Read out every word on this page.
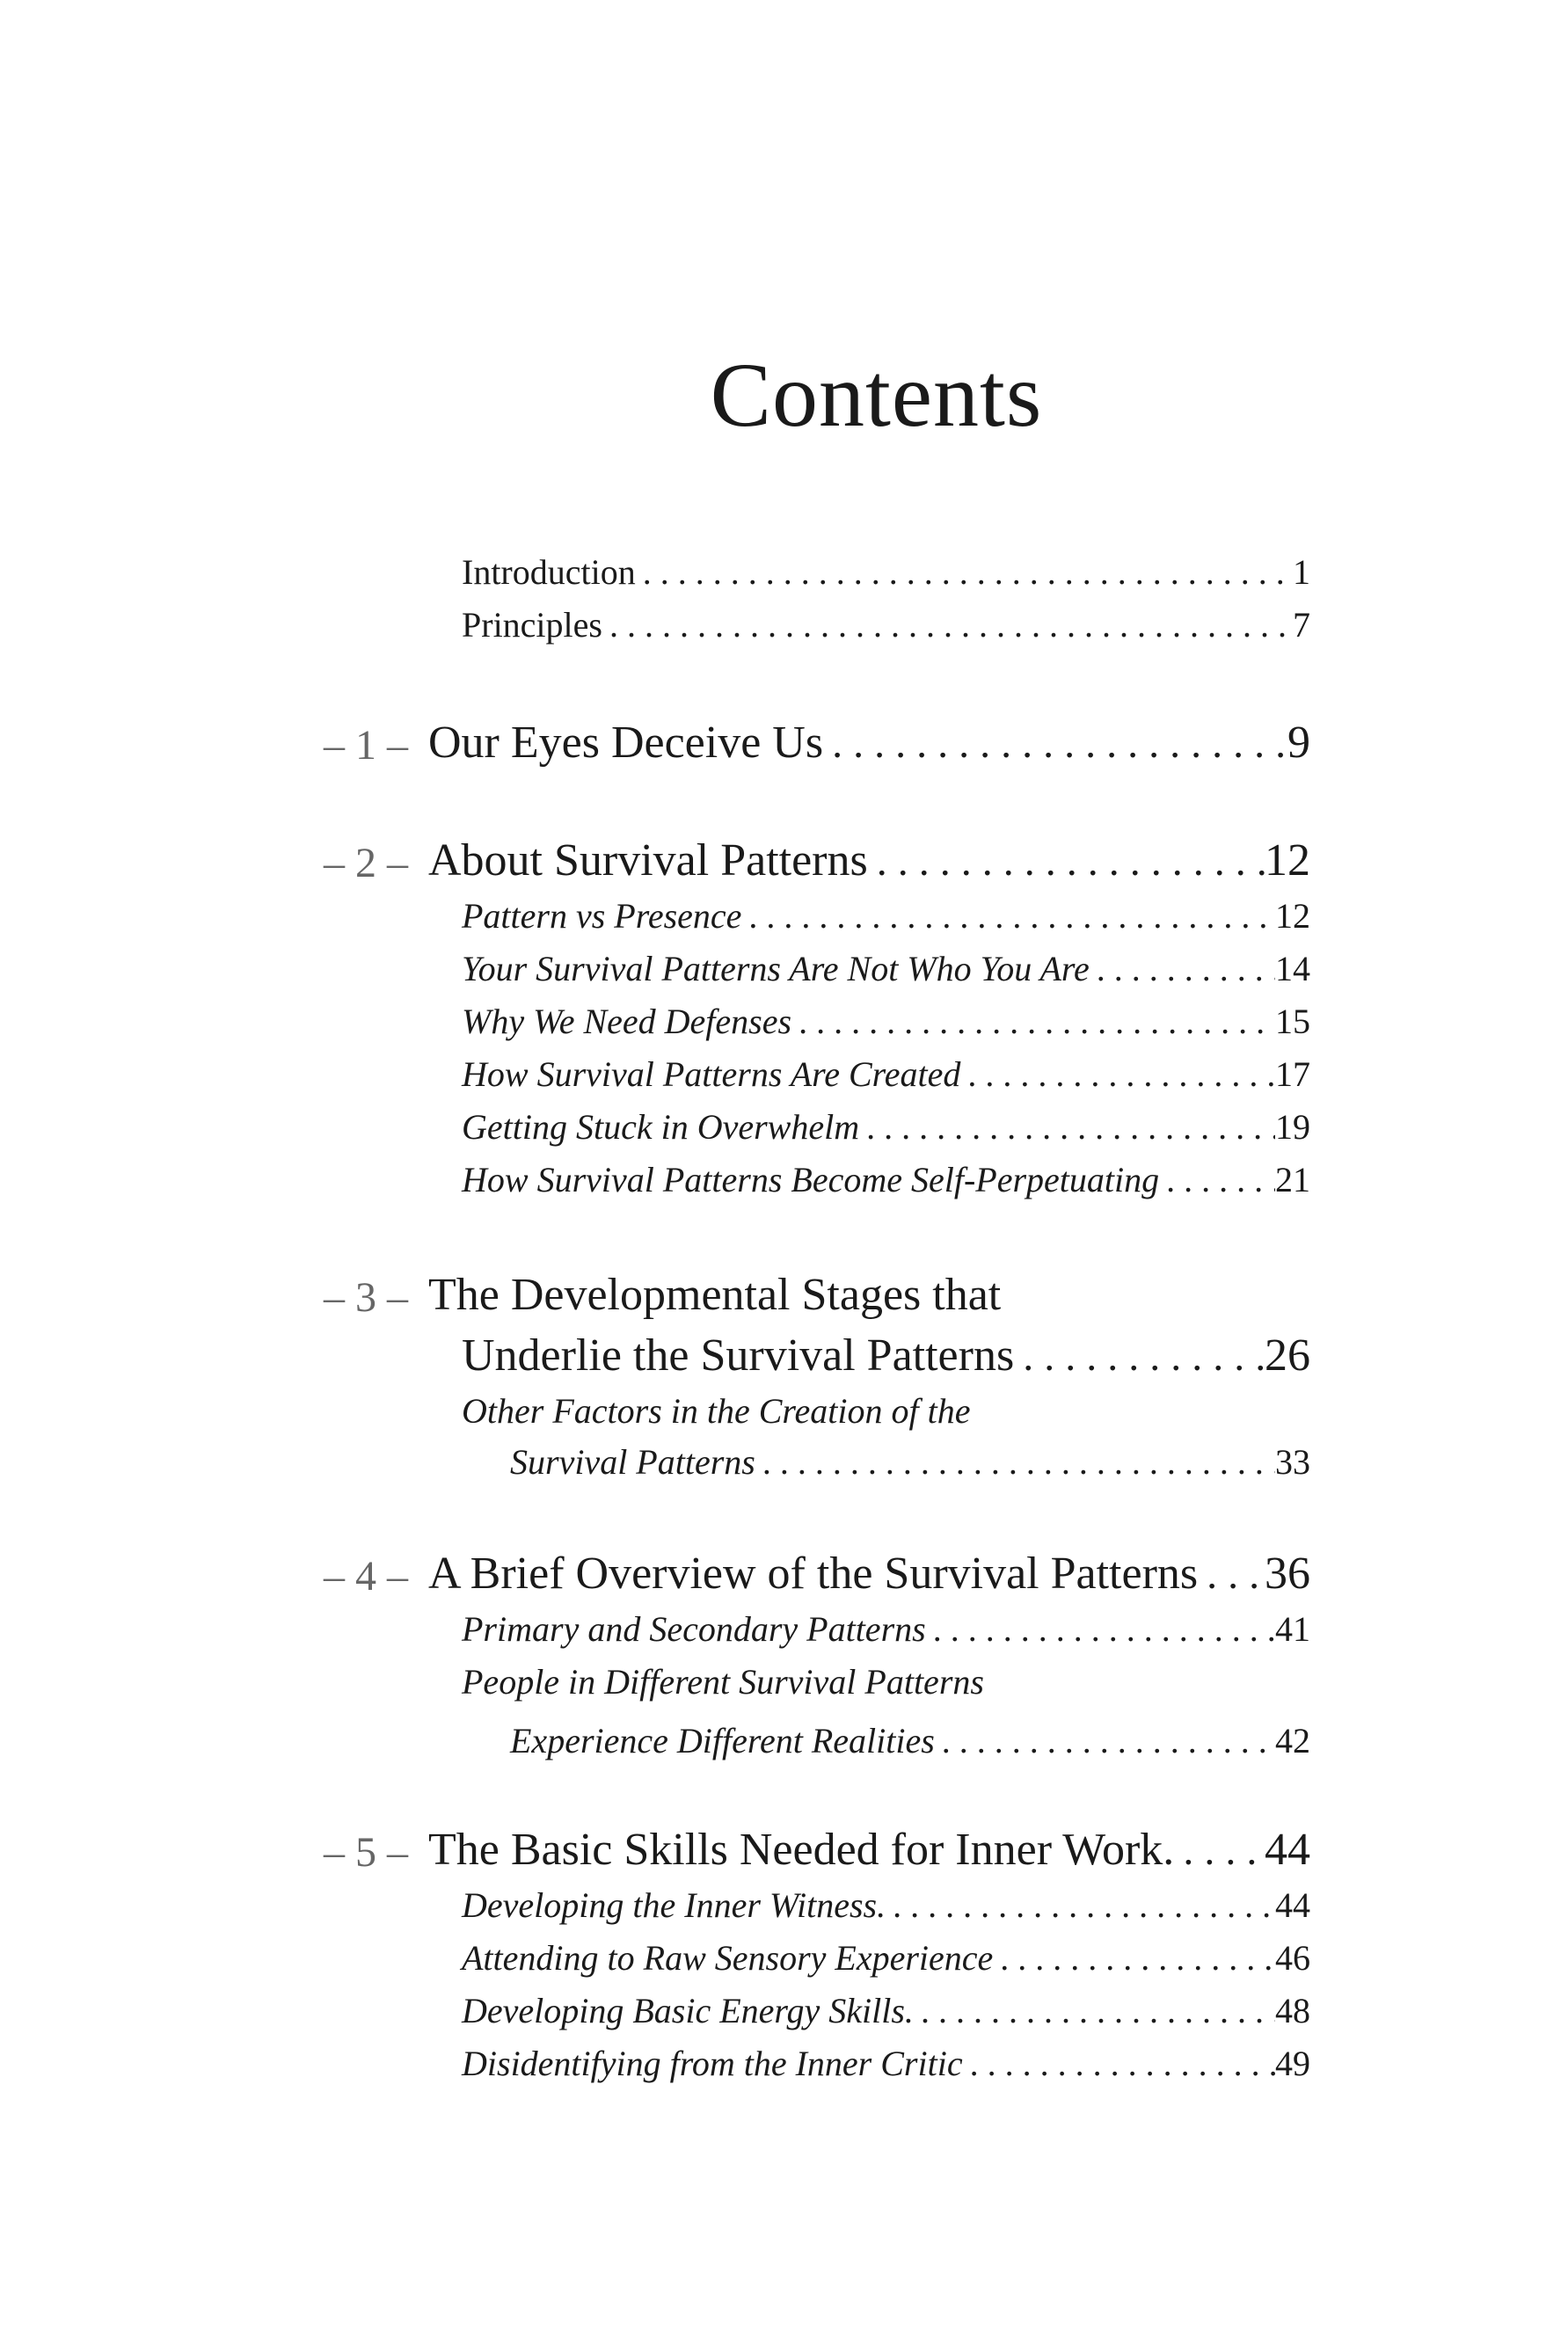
Contents
Introduction . . .	1
Principles . . .	7
– 1 – Our Eyes Deceive Us . . .	9
– 2 – About Survival Patterns . . .	12
Pattern vs Presence . . .	12
Your Survival Patterns Are Not Who You Are . . .	14
Why We Need Defenses . . .	15
How Survival Patterns Are Created . . .	17
Getting Stuck in Overwhelm . . .	19
How Survival Patterns Become Self-Perpetuating . . .	21
– 3 – The Developmental Stages that
Underlie the Survival Patterns . . .	26
Other Factors in the Creation of the
Survival Patterns . . .	33
– 4 – A Brief Overview of the Survival Patterns . . . 36
Primary and Secondary Patterns . . .	41
People in Different Survival Patterns
Experience Different Realities . . .	42
– 5 – The Basic Skills Needed for Inner Work. . . . 44
Developing the Inner Witness. . . .	44
Attending to Raw Sensory Experience . . .	46
Developing Basic Energy Skills. . . .	48
Disidentifying from the Inner Critic . . .	49
